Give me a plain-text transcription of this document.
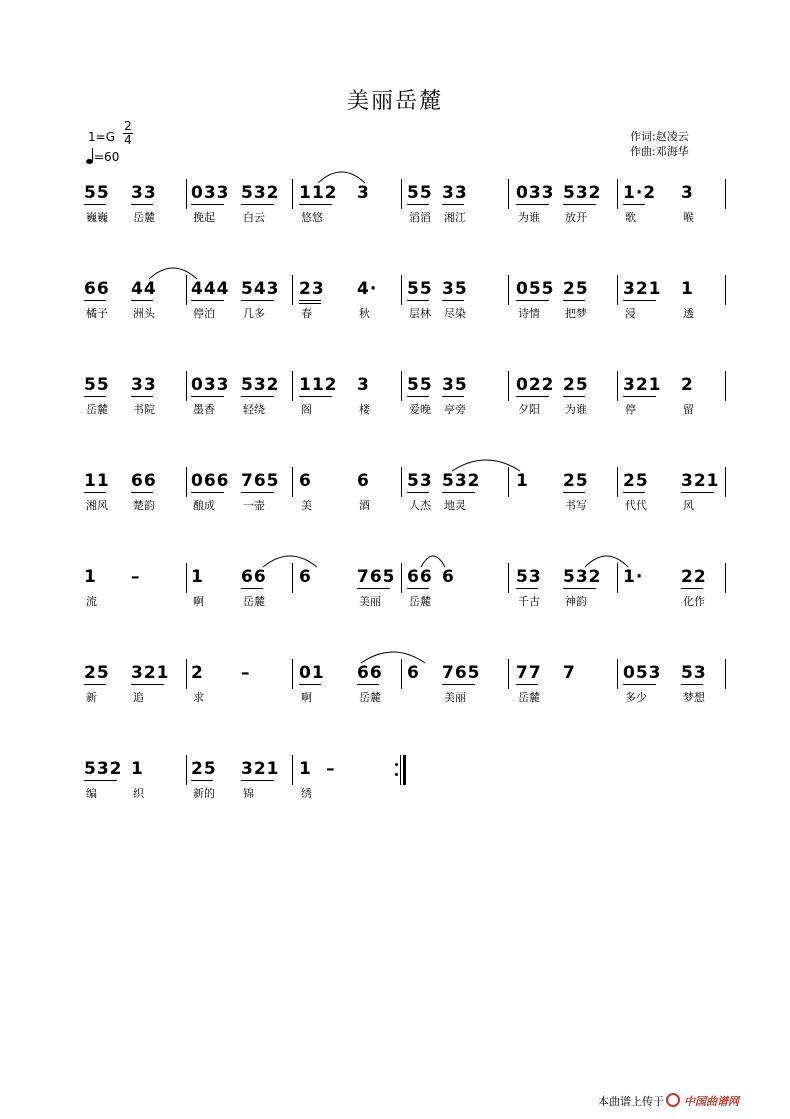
美丽岳麓
1=G
2
4
=60
作词:赵凌云
作曲:邓海华
55
巍巍
33
岳麓
033
挽起
532
白云
112
悠悠
3 55
滔滔
33
湘江
033
为谁
532
放开
1·2
歌
3
喉
66
橘子
44
洲头
444
停泊
543
几多
23
春
4·
秋
55
层林
35
尽染
055
诗情
25
把梦
321
浸
1
透
55
岳麓
33
书院
033
墨香
532
轻绕
112
阁
3
楼
55
爱晚
35
亭旁
022
夕阳
25
为谁
321
停
2
留
11
湘风
66
楚韵
066
酿成
765
一壶
6
美
6
酒
53
人杰
532
地灵
1 25
书写
25
代代
321
风
1
流
–	1
啊
66
岳麓
6	765
美丽
66
岳麓
6	53
千古
532
神韵
1· 22
化作
25
新
321
追
2
求
–	01
啊
66
岳麓
6 765
美丽
77
岳麓
7	053
多少
53
梦想
532
编
1
织
25
新的
321
锦
1
绣
–
本曲谱上传于 中国曲谱网
